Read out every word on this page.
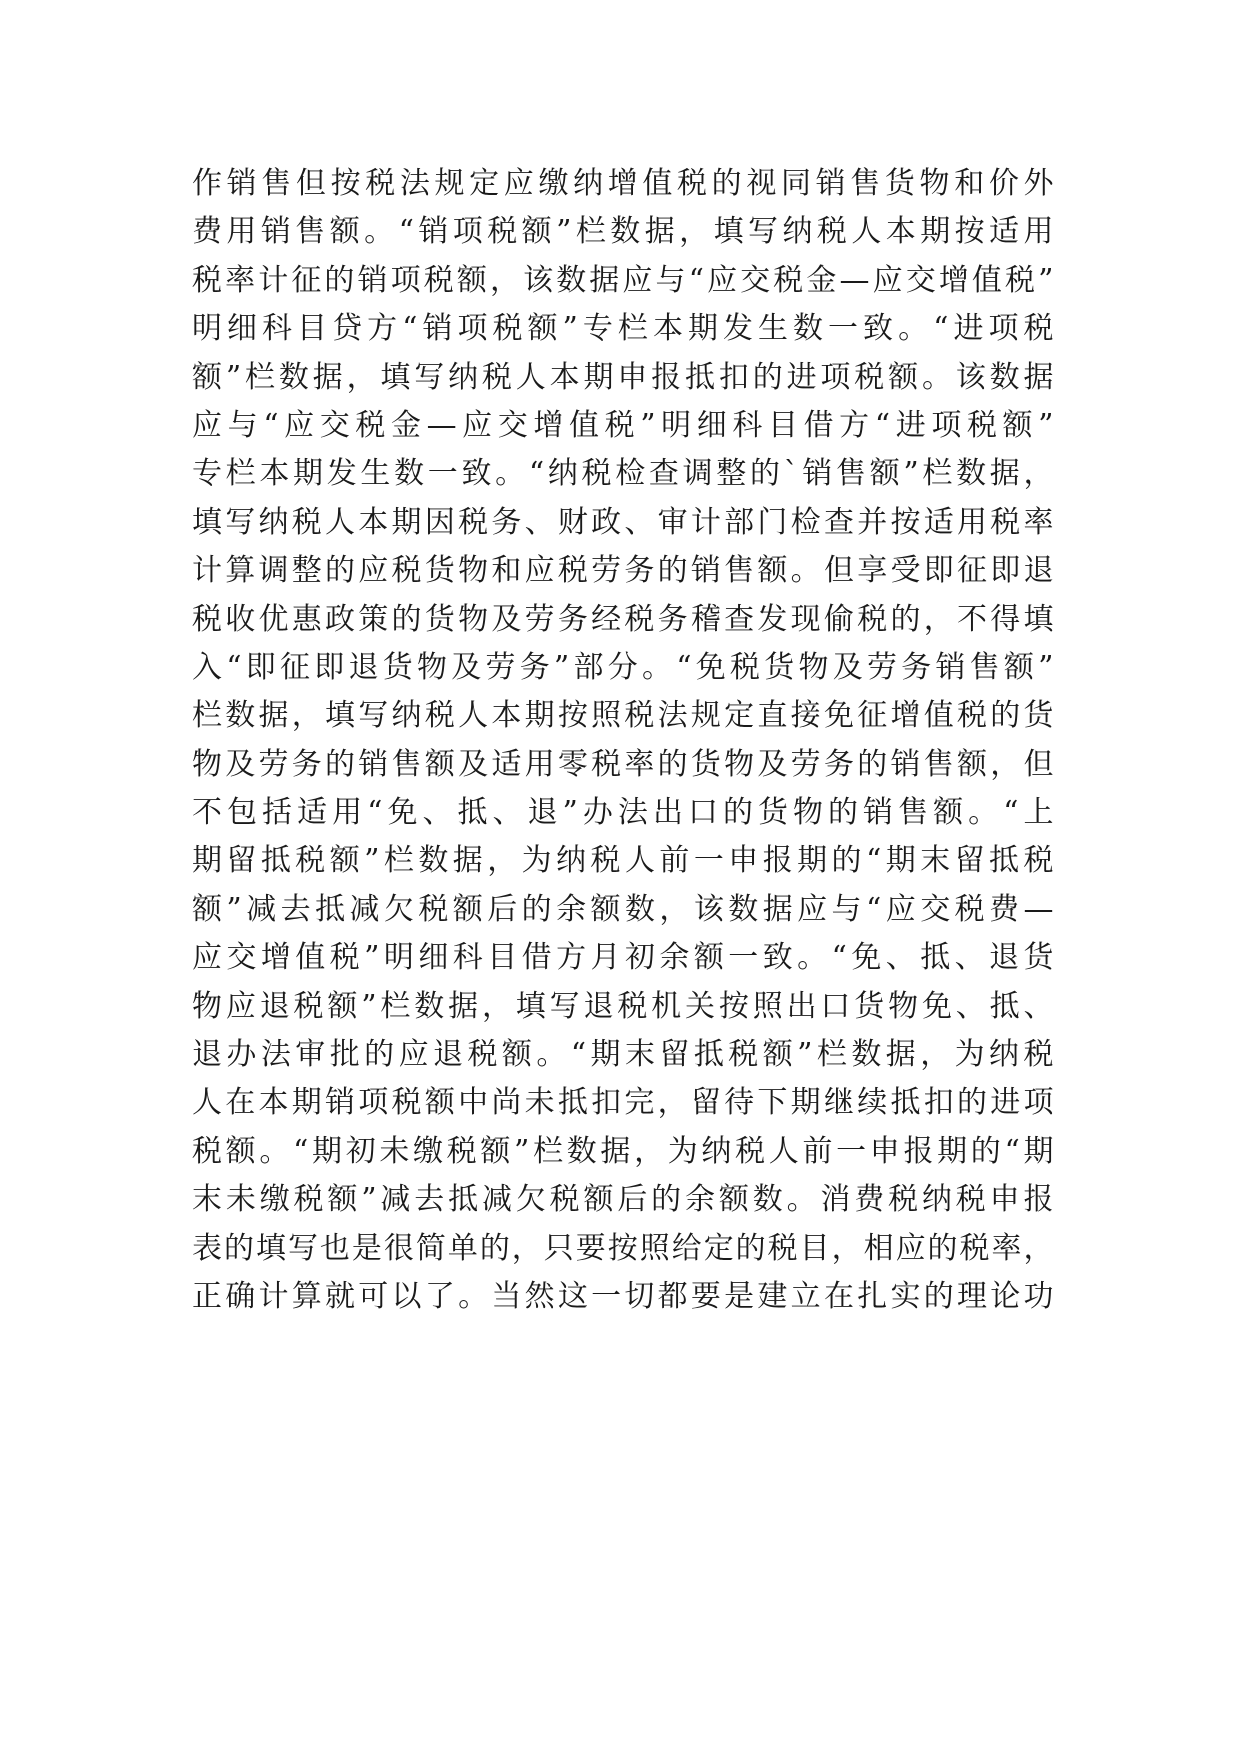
作销售但按税法规定应缴纳增值税的视同销售货物和价外
费用销售额。“销项税额”栏数据，填写纳税人本期按适用
税率计征的销项税额，该数据应与“应交税金—应交增值税”
明细科目贷方“销项税额”专栏本期发生数一致。“进项税
额”栏数据，填写纳税人本期申报抵扣的进项税额。该数据
应与“应交税金—应交增值税”明细科目借方“进项税额”
专栏本期发生数一致。“纳税检查调整的`销售额”栏数据，
填写纳税人本期因税务、财政、审计部门检查并按适用税率
计算调整的应税货物和应税劳务的销售额。但享受即征即退
税收优惠政策的货物及劳务经税务稽查发现偷税的，不得填
入“即征即退货物及劳务”部分。“免税货物及劳务销售额”
栏数据，填写纳税人本期按照税法规定直接免征增值税的货
物及劳务的销售额及适用零税率的货物及劳务的销售额，但
不包括适用“免、抵、退”办法出口的货物的销售额。“上
期留抵税额”栏数据，为纳税人前一申报期的“期末留抵税
额”减去抵减欠税额后的余额数，该数据应与“应交税费—
应交增值税”明细科目借方月初余额一致。“免、抵、退货
物应退税额”栏数据，填写退税机关按照出口货物免、抵、
退办法审批的应退税额。“期末留抵税额”栏数据，为纳税
人在本期销项税额中尚未抵扣完，留待下期继续抵扣的进项
税额。“期初未缴税额”栏数据，为纳税人前一申报期的“期
末未缴税额”减去抵减欠税额后的余额数。消费税纳税申报
表的填写也是很简单的，只要按照给定的税目，相应的税率，
正确计算就可以了。当然这一切都要是建立在扎实的理论功
